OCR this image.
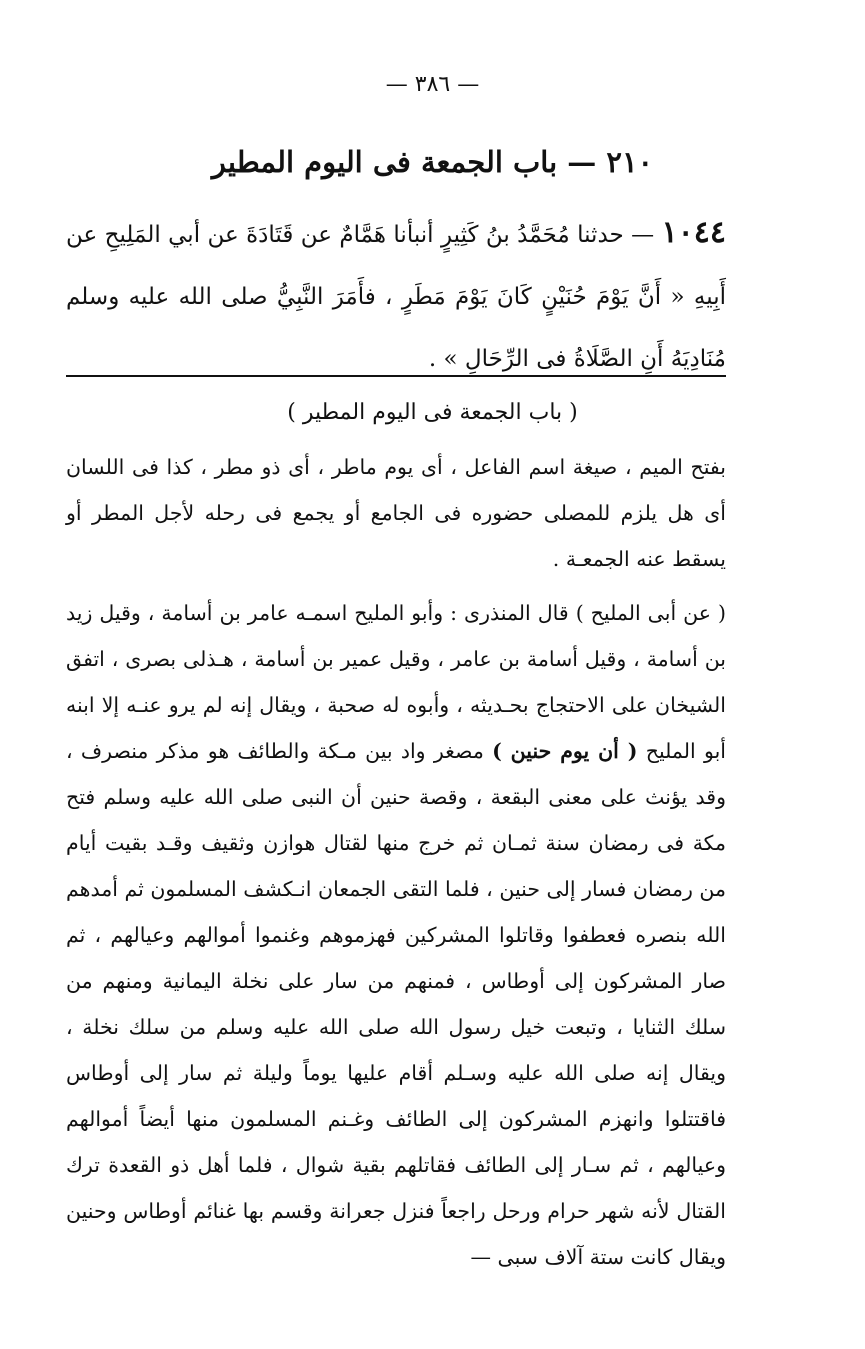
— ٣٨٦ —
٢١٠ — باب الجمعة فى اليوم المطير
١٠٤٤ — حدثنا مُحَمَّدُ بنُ كَثِيرٍ أنبأنا هَمَّامٌ عن قَتَادَةَ عن أبي المَلِيحِ عن أَبِيهِ « أَنَّ يَوْمَ حُنَيْنٍ كَانَ يَوْمَ مَطَرٍ ، فأَمَرَ النَّبِيُّ صلى الله عليه وسلم مُنَادِيَهُ أَنِ الصَّلَاةُ فى الرِّحَالِ » .
( باب الجمعة فى اليوم المطير )
بفتح الميم ، صيغة اسم الفاعل ، أى يوم ماطر ، أى ذو مطر ، كذا فى اللسان أى هل يلزم للمصلى حضوره فى الجامع أو يجمع فى رحله لأجل المطر أو يسقط عنه الجمعـة .
( عن أبى المليح ) قال المنذرى : وأبو المليح اسمـه عامر بن أسامة ، وقيل زيد بن أسامة ، وقيل أسامة بن عامر ، وقيل عمير بن أسامة ، هـذلى بصرى ، اتفق الشيخان على الاحتجاج بحـديثه ، وأبوه له صحبة ، ويقال إنه لم يرو عنـه إلا ابنه أبو المليح ( أن يوم حنين ) مصغر واد بين مـكة والطائف هو مذكر منصرف ، وقد يؤنث على معنى البقعة ، وقصة حنين أن النبى صلى الله عليه وسلم فتح مكة فى رمضان سنة ثمـان ثم خرج منها لقتال هوازن وثقيف وقـد بقيت أيام من رمضان فسار إلى حنين ، فلما التقى الجمعان انـكشف المسلمون ثم أمدهم الله بنصره فعطفوا وقاتلوا المشركين فهزموهم وغنموا أموالهم وعيالهم ، ثم صار المشركون إلى أوطاس ، فمنهم من سار على نخلة اليمانية ومنهم من سلك الثنايا ، وتبعت خيل رسول الله صلى الله عليه وسلم من سلك نخلة ، ويقال إنه صلى الله عليه وسـلم أقام عليها يوماً وليلة ثم سار إلى أوطاس فاقتتلوا وانهزم المشركون إلى الطائف وغـنم المسلمون منها أيضاً أموالهم وعيالهم ، ثم سـار إلى الطائف فقاتلهم بقية شوال ، فلما أهل ذو القعدة ترك القتال لأنه شهر حرام ورحل راجعاً فنزل جعرانة وقسم بها غنائم أوطاس وحنين ويقال كانت ستة آلاف سبى —
